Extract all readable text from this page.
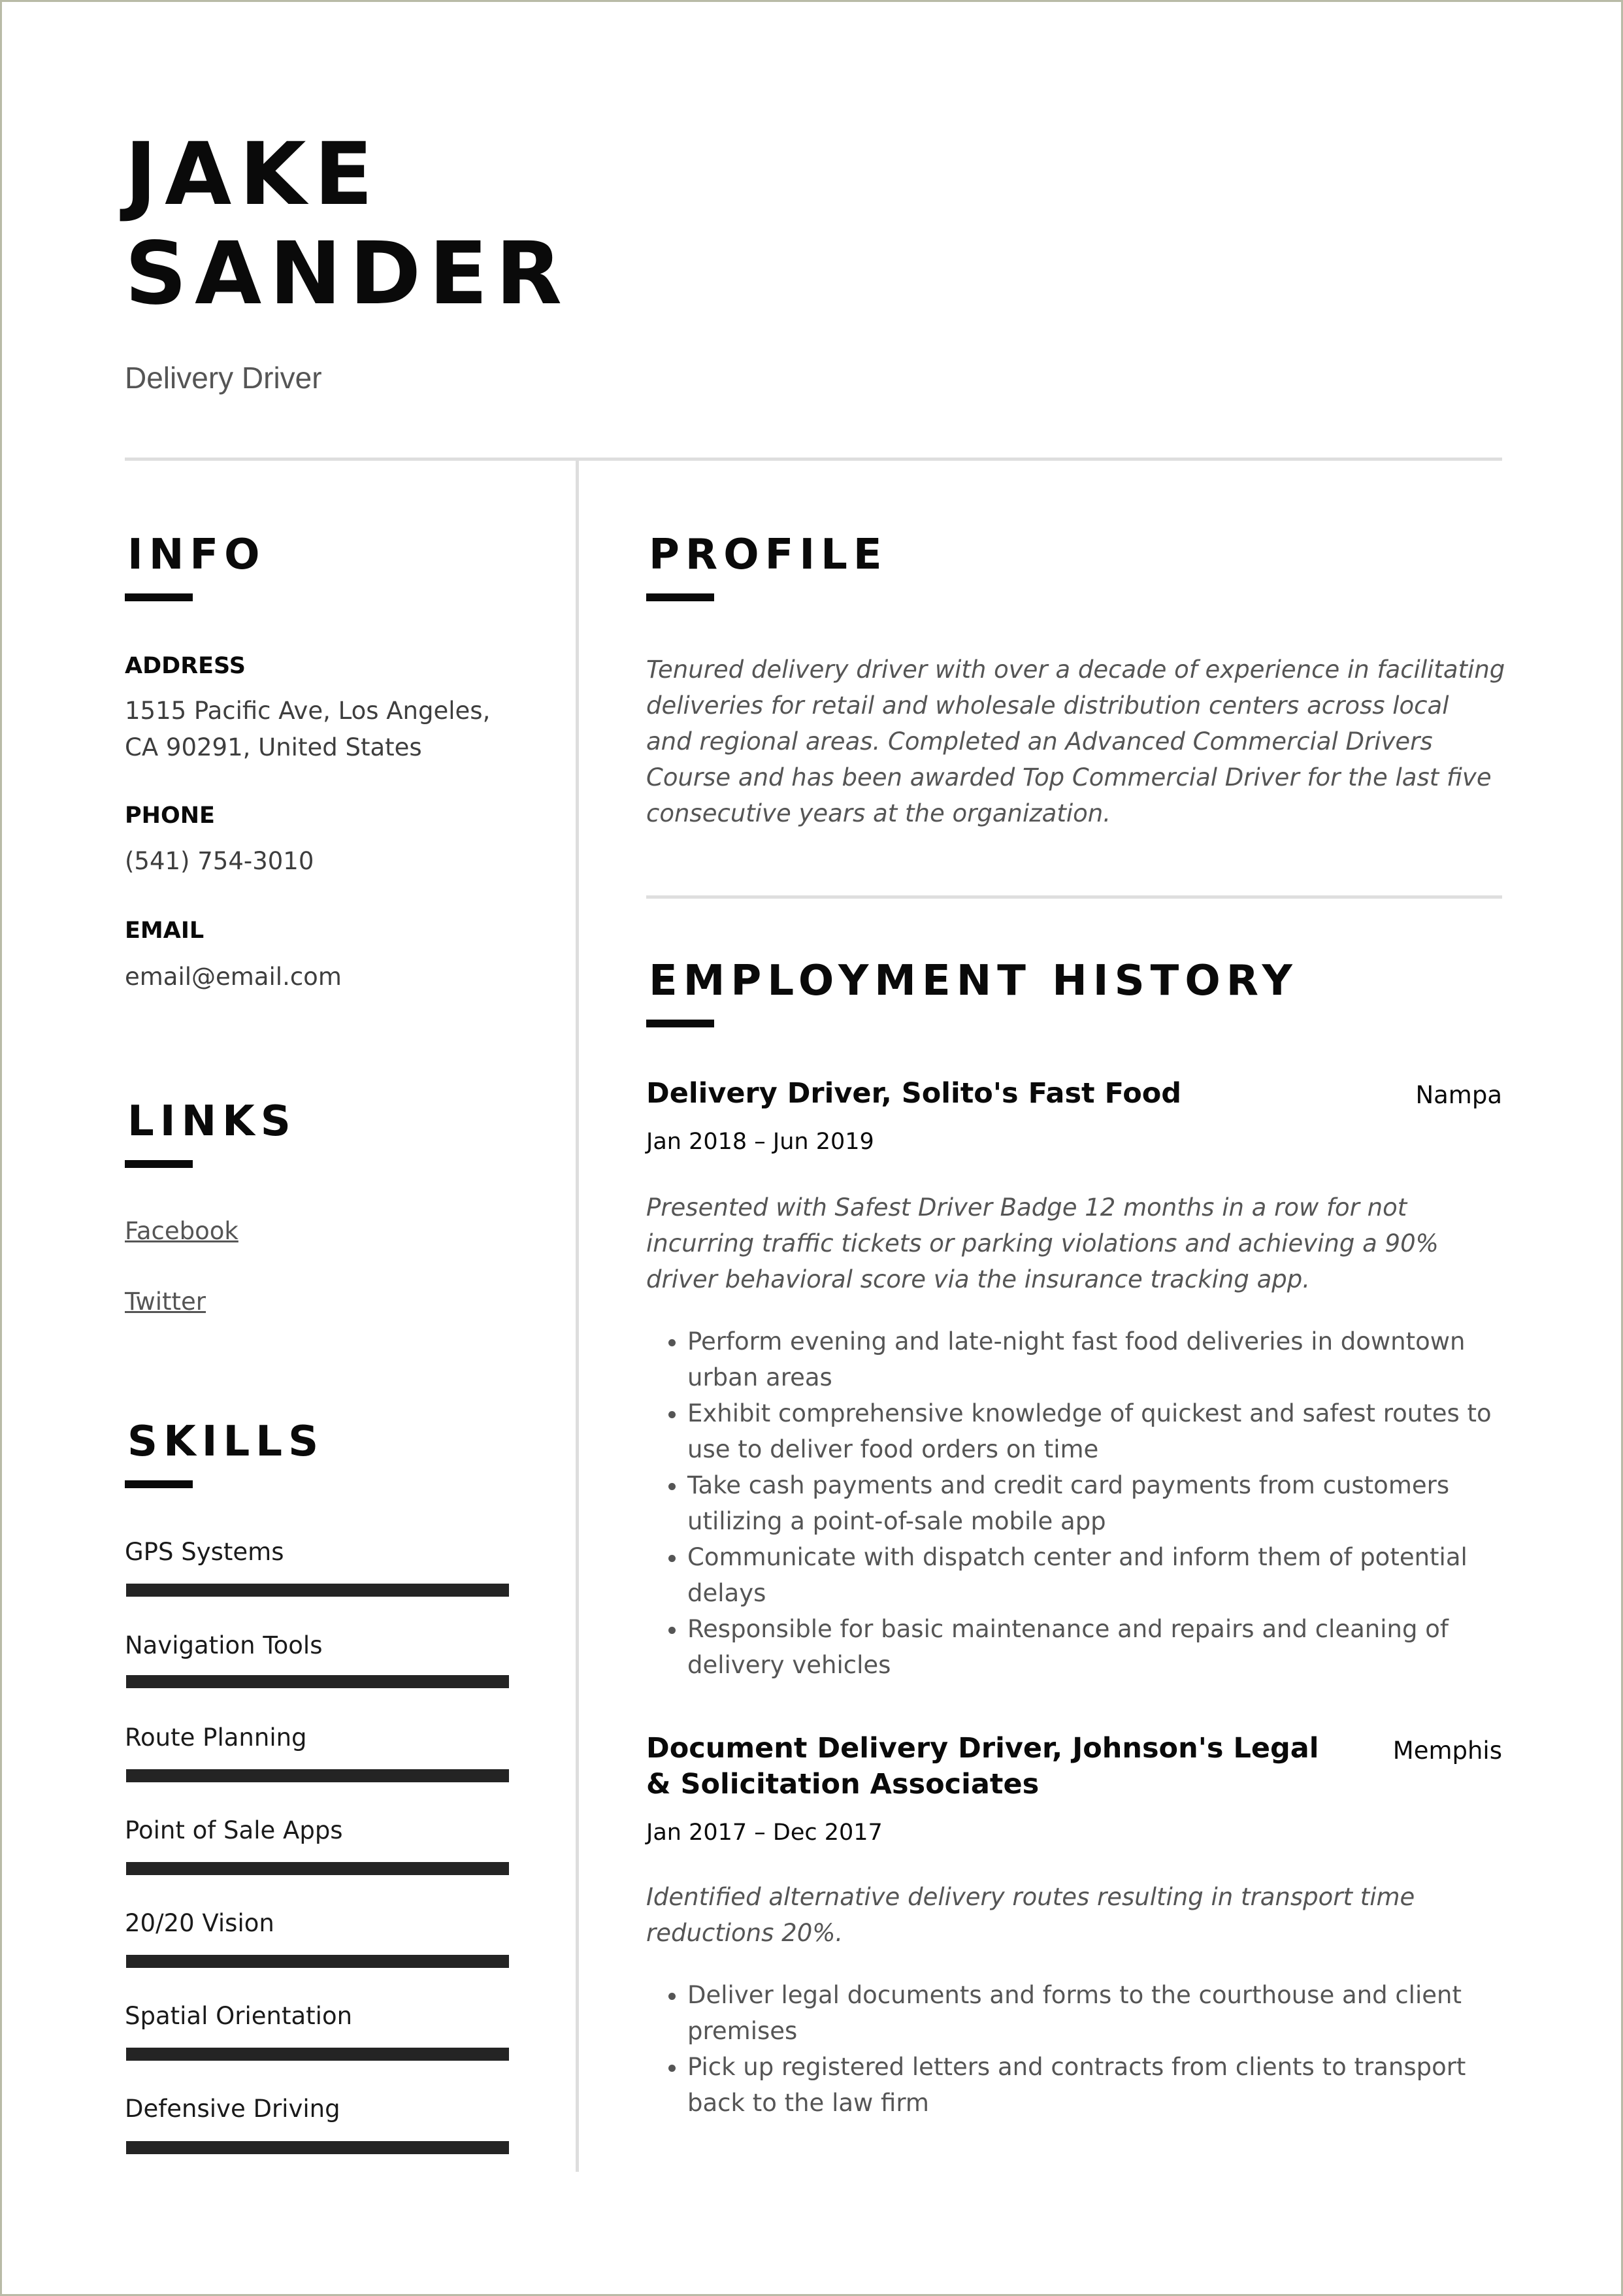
JAKE
SANDER
Delivery Driver
INFO
ADDRESS
1515 Pacific Ave, Los Angeles,
CA 90291, United States
PHONE
(541) 754-3010
EMAIL
email@email.com
LINKS
Facebook
Twitter
SKILLS
GPS Systems
Navigation Tools
Route Planning
Point of Sale Apps
20/20 Vision
Spatial Orientation
Defensive Driving
PROFILE
Tenured delivery driver with over a decade of experience in facilitating
deliveries for retail and wholesale distribution centers across local
and regional areas. Completed an Advanced Commercial Drivers
Course and has been awarded Top Commercial Driver for the last five
consecutive years at the organization.
EMPLOYMENT HISTORY
Delivery Driver, Solito's Fast Food	Nampa
Jan 2018 – Jun 2019
Presented with Safest Driver Badge 12 months in a row for not
incurring traffic tickets or parking violations and achieving a 90%
driver behavioral score via the insurance tracking app.
• Perform evening and late-night fast food deliveries in downtown urban areas
• Exhibit comprehensive knowledge of quickest and safest routes to use to deliver food orders on time
• Take cash payments and credit card payments from customers utilizing a point-of-sale mobile app
• Communicate with dispatch center and inform them of potential delays
• Responsible for basic maintenance and repairs and cleaning of delivery vehicles
Document Delivery Driver, Johnson's Legal
& Solicitation Associates
Memphis
Jan 2017 – Dec 2017
Identified alternative delivery routes resulting in transport time
reductions 20%.
• Deliver legal documents and forms to the courthouse and client premises
• Pick up registered letters and contracts from clients to transport back to the law firm
